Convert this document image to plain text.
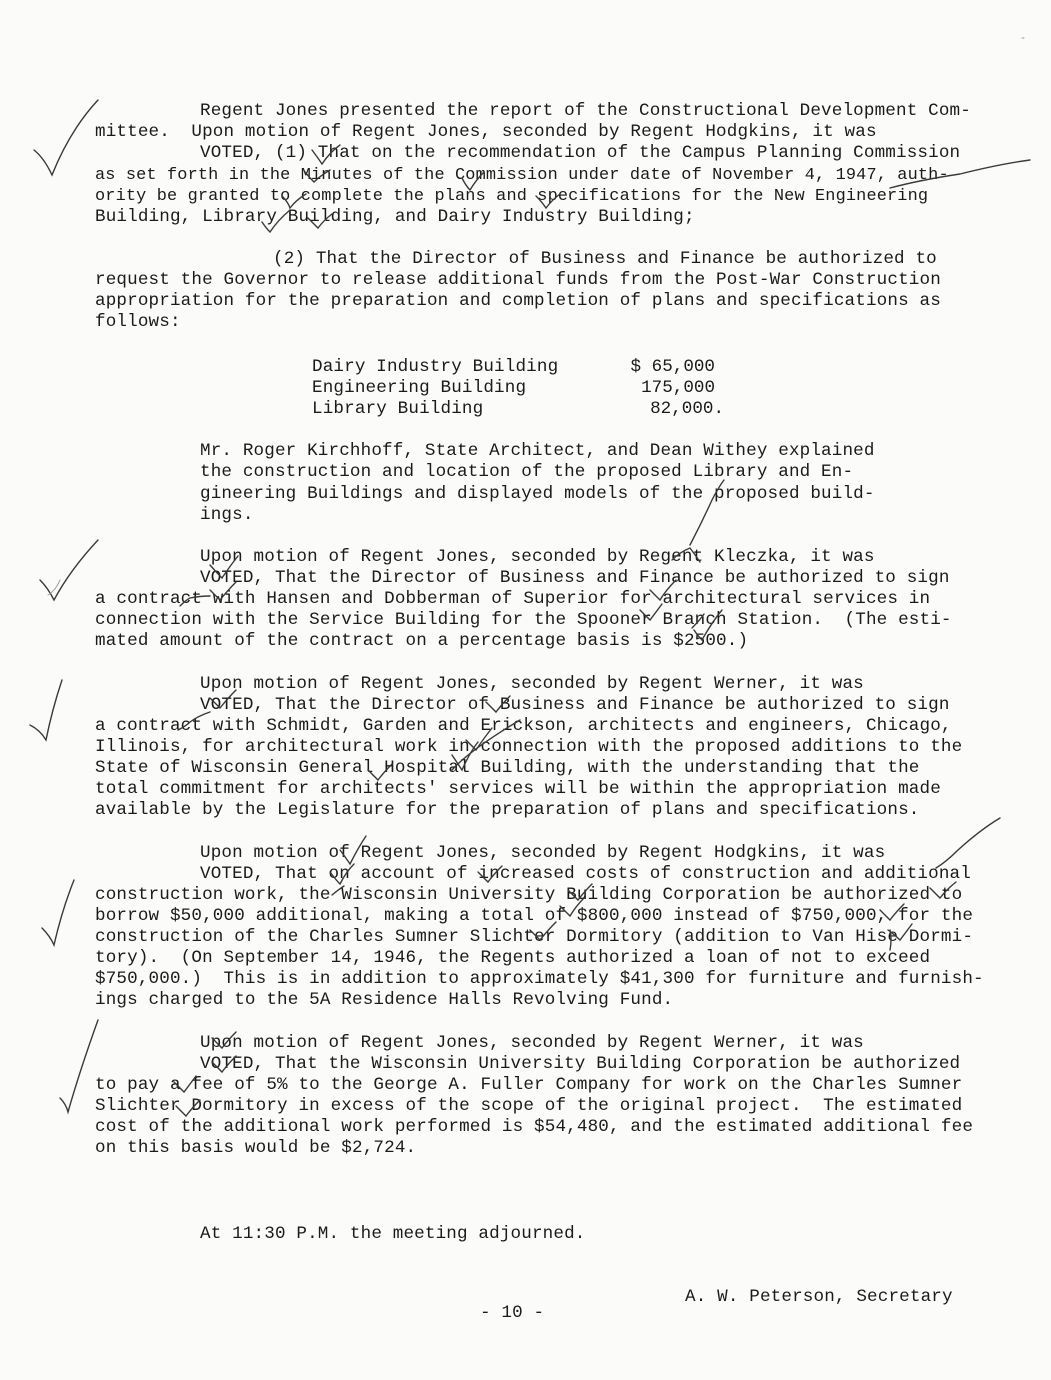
Regent Jones presented the report of the Constructional Development Com-
mittee.  Upon motion of Regent Jones, seconded by Regent Hodgkins, it was
VOTED, (1) That on the recommendation of the Campus Planning Commission
as set forth in the Minutes of the Commission under date of November 4, 1947, auth-
ority be granted to complete the plans and specifications for the New Engineering
Building, Library Building, and Dairy Industry Building;
(2) That the Director of Business and Finance be authorized to
request the Governor to release additional funds from the Post-War Construction
appropriation for the preparation and completion of plans and specifications as
follows:
Dairy Industry Building	$ 65,000
Engineering Building	175,000
Library Building	82,000.
Mr. Roger Kirchhoff, State Architect, and Dean Withey explained
the construction and location of the proposed Library and En-
gineering Buildings and displayed models of the proposed build-
ings.
Upon motion of Regent Jones, seconded by Regent Kleczka, it was
VOTED, That the Director of Business and Finance be authorized to sign
a contract with Hansen and Dobberman of Superior for architectural services in
connection with the Service Building for the Spooner Branch Station.  (The esti-
mated amount of the contract on a percentage basis is $2500.)
Upon motion of Regent Jones, seconded by Regent Werner, it was
VOTED, That the Director of Business and Finance be authorized to sign
a contract with Schmidt, Garden and Erickson, architects and engineers, Chicago,
Illinois, for architectural work in connection with the proposed additions to the
State of Wisconsin General Hospital Building, with the understanding that the
total commitment for architects' services will be within the appropriation made
available by the Legislature for the preparation of plans and specifications.
Upon motion of Regent Jones, seconded by Regent Hodgkins, it was
VOTED, That on account of increased costs of construction and additional
construction work, the Wisconsin University Building Corporation be authorized to
borrow $50,000 additional, making a total of $800,000 instead of $750,000, for the
construction of the Charles Sumner Slichter Dormitory (addition to Van Hise Dormi-
tory).  (On September 14, 1946, the Regents authorized a loan of not to exceed
$750,000.)  This is in addition to approximately $41,300 for furniture and furnish-
ings charged to the 5A Residence Halls Revolving Fund.
Upon motion of Regent Jones, seconded by Regent Werner, it was
VOTED, That the Wisconsin University Building Corporation be authorized
to pay a fee of 5% to the George A. Fuller Company for work on the Charles Sumner
Slichter Dormitory in excess of the scope of the original project.  The estimated
cost of the additional work performed is $54,480, and the estimated additional fee
on this basis would be $2,724.
At 11:30 P.M. the meeting adjourned.
- 10 -
A. W. Peterson, Secretary
